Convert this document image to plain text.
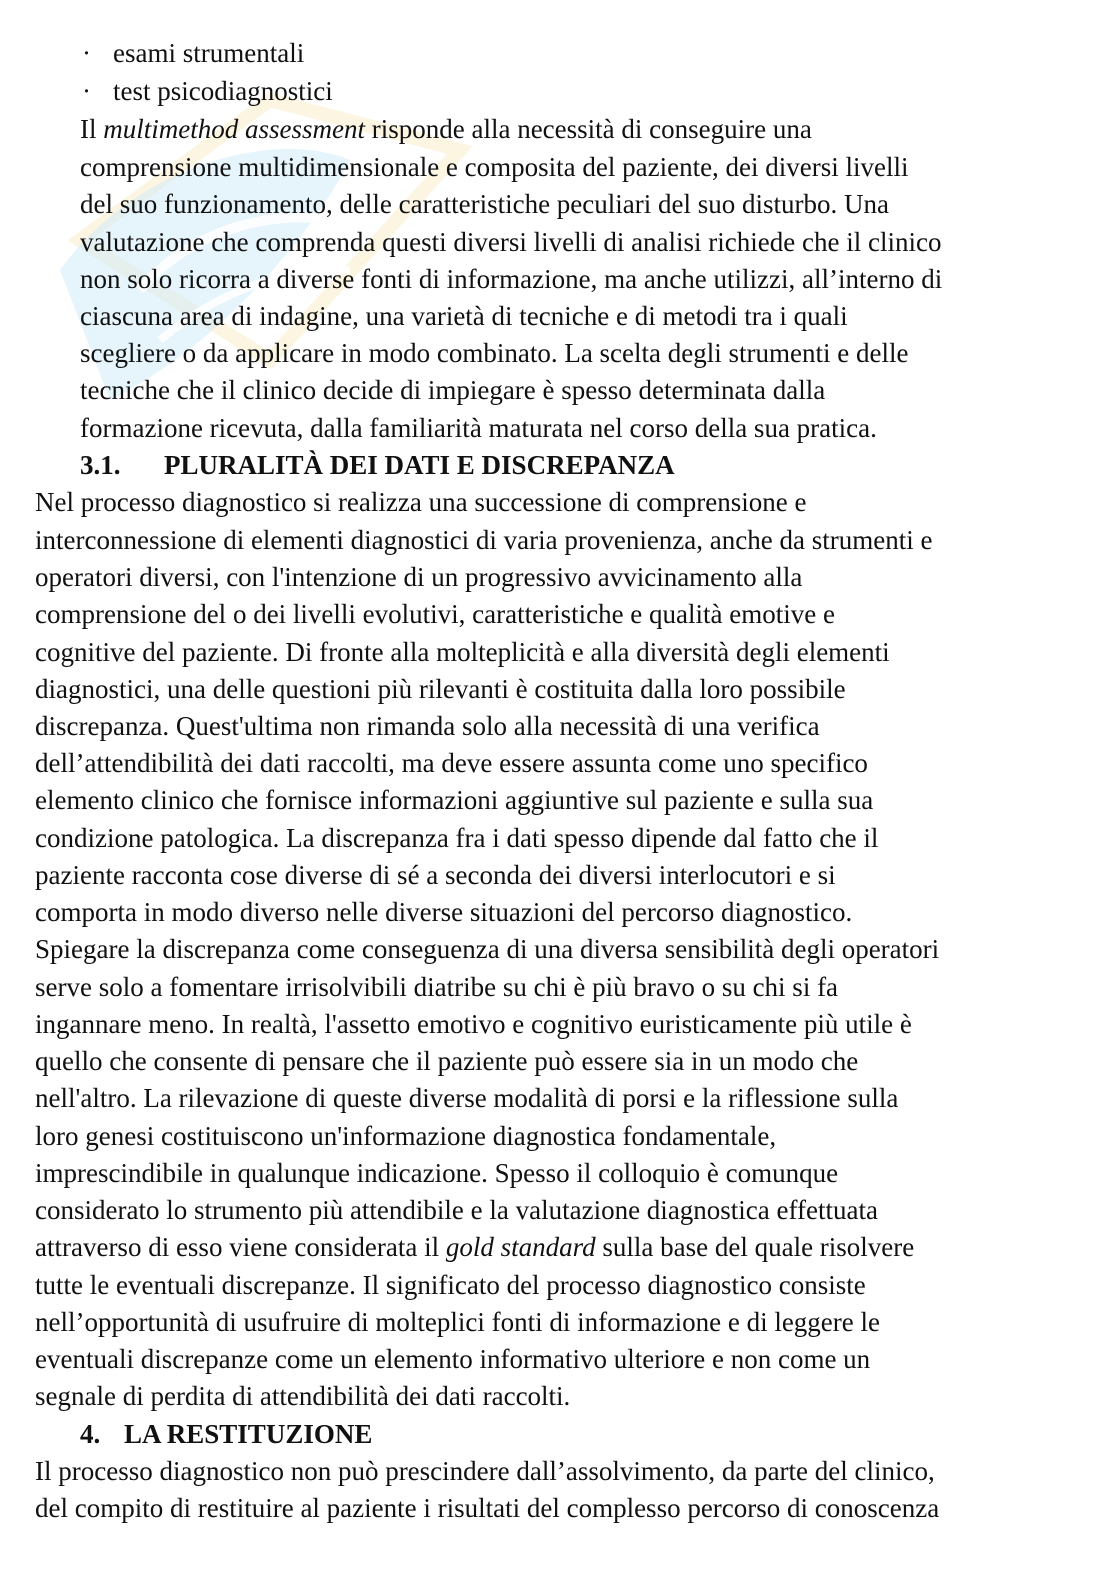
· esami strumentali
· test psicodiagnostici
Il multimethod assessment risponde alla necessità di conseguire una
comprensione multidimensionale e composita del paziente, dei diversi livelli
del suo funzionamento, delle caratteristiche peculiari del suo disturbo. Una
valutazione che comprenda questi diversi livelli di analisi richiede che il clinico
non solo ricorra a diverse fonti di informazione, ma anche utilizzi, all’interno di
ciascuna area di indagine, una varietà di tecniche e di metodi tra i quali
scegliere o da applicare in modo combinato. La scelta degli strumenti e delle
tecniche che il clinico decide di impiegare è spesso determinata dalla
formazione ricevuta, dalla familiarità maturata nel corso della sua pratica.
3.1. PLURALITÀ DEI DATI E DISCREPANZA
Nel processo diagnostico si realizza una successione di comprensione e
interconnessione di elementi diagnostici di varia provenienza, anche da strumenti e
operatori diversi, con l'intenzione di un progressivo avvicinamento alla
comprensione del o dei livelli evolutivi, caratteristiche e qualità emotive e
cognitive del paziente. Di fronte alla molteplicità e alla diversità degli elementi
diagnostici, una delle questioni più rilevanti è costituita dalla loro possibile
discrepanza. Quest'ultima non rimanda solo alla necessità di una verifica
dell’attendibilità dei dati raccolti, ma deve essere assunta come uno specifico
elemento clinico che fornisce informazioni aggiuntive sul paziente e sulla sua
condizione patologica. La discrepanza fra i dati spesso dipende dal fatto che il
paziente racconta cose diverse di sé a seconda dei diversi interlocutori e si
comporta in modo diverso nelle diverse situazioni del percorso diagnostico.
Spiegare la discrepanza come conseguenza di una diversa sensibilità degli operatori
serve solo a fomentare irrisolvibili diatribe su chi è più bravo o su chi si fa
ingannare meno. In realtà, l'assetto emotivo e cognitivo euristicamente più utile è
quello che consente di pensare che il paziente può essere sia in un modo che
nell'altro. La rilevazione di queste diverse modalità di porsi e la riflessione sulla
loro genesi costituiscono un'informazione diagnostica fondamentale,
imprescindibile in qualunque indicazione. Spesso il colloquio è comunque
considerato lo strumento più attendibile e la valutazione diagnostica effettuata
attraverso di esso viene considerata il gold standard sulla base del quale risolvere
tutte le eventuali discrepanze. Il significato del processo diagnostico consiste
nell’opportunità di usufruire di molteplici fonti di informazione e di leggere le
eventuali discrepanze come un elemento informativo ulteriore e non come un
segnale di perdita di attendibilità dei dati raccolti.
4. LA RESTITUZIONE
Il processo diagnostico non può prescindere dall’assolvimento, da parte del clinico,
del compito di restituire al paziente i risultati del complesso percorso di conoscenza
